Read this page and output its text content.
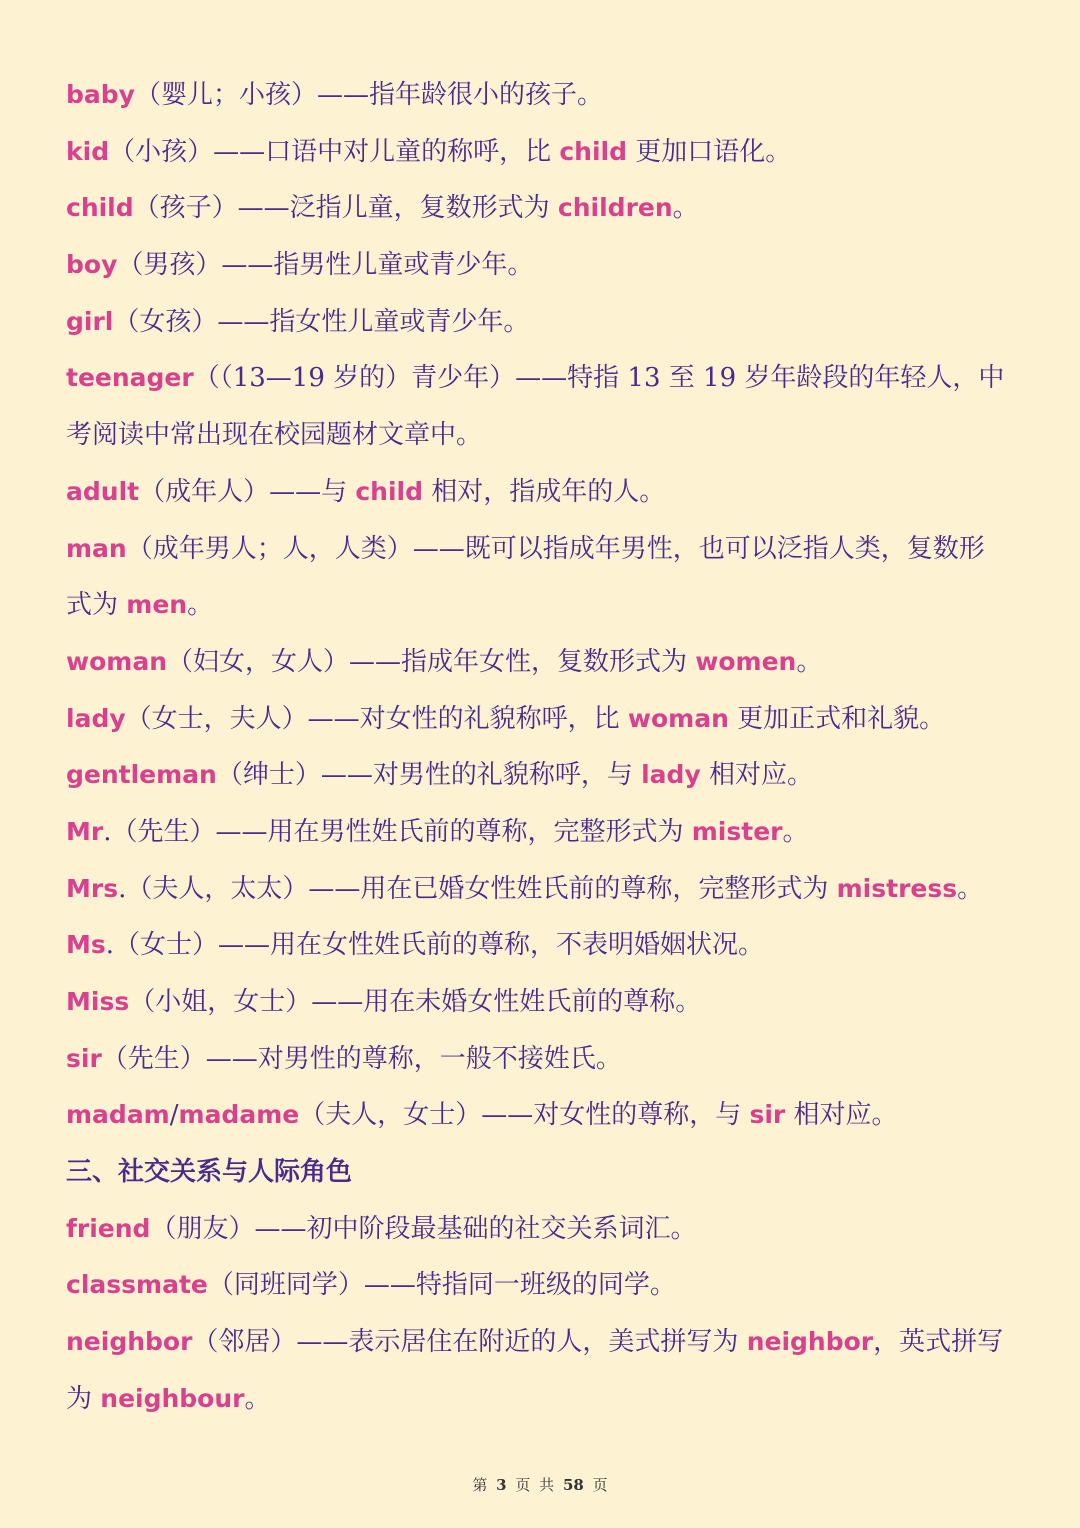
baby（婴儿；小孩）——指年龄很小的孩子。
kid（小孩）——口语中对儿童的称呼，比 child 更加口语化。
child（孩子）——泛指儿童，复数形式为 children。
boy（男孩）——指男性儿童或青少年。
girl（女孩）——指女性儿童或青少年。
teenager（（13—19 岁的）青少年）——特指 13 至 19 岁年龄段的年轻人，中
考阅读中常出现在校园题材文章中。
adult（成年人）——与 child 相对，指成年的人。
man（成年男人；人，人类）——既可以指成年男性，也可以泛指人类，复数形
式为 men。
woman（妇女，女人）——指成年女性，复数形式为 women。
lady（女士，夫人）——对女性的礼貌称呼，比 woman 更加正式和礼貌。
gentleman（绅士）——对男性的礼貌称呼，与 lady 相对应。
Mr.（先生）——用在男性姓氏前的尊称，完整形式为 mister。
Mrs.（夫人，太太）——用在已婚女性姓氏前的尊称，完整形式为 mistress。
Ms.（女士）——用在女性姓氏前的尊称，不表明婚姻状况。
Miss（小姐，女士）——用在未婚女性姓氏前的尊称。
sir（先生）——对男性的尊称，一般不接姓氏。
madam/madame（夫人，女士）——对女性的尊称，与 sir 相对应。
三、社交关系与人际角色
friend（朋友）——初中阶段最基础的社交关系词汇。
classmate（同班同学）——特指同一班级的同学。
neighbor（邻居）——表示居住在附近的人，美式拼写为 neighbor，英式拼写
为 neighbour。
第 3 页 共 58 页
